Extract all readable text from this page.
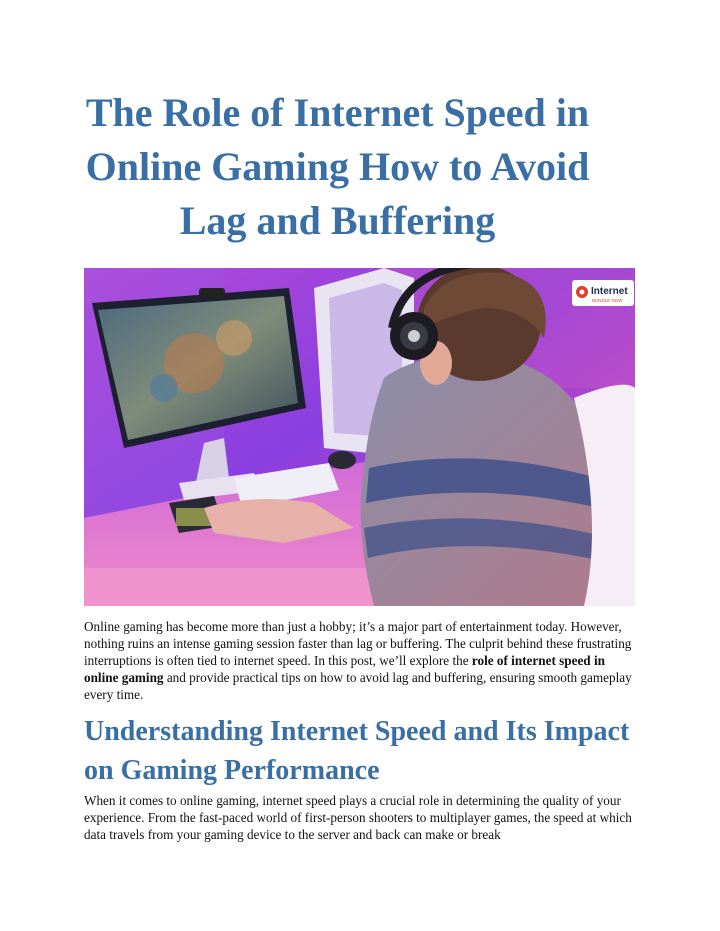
The Role of Internet Speed in Online Gaming How to Avoid Lag and Buffering
Internet
BUNDLE NOW

Online gaming has become more than just a hobby; it’s a major part of entertainment today. However, nothing ruins an intense gaming session faster than lag or buffering. The culprit behind these frustrating interruptions is often tied to internet speed. In this post, we’ll explore the role of internet speed in online gaming and provide practical tips on how to avoid lag and buffering, ensuring smooth gameplay every time.

Understanding Internet Speed and Its Impact on Gaming Performance

When it comes to online gaming, internet speed plays a crucial role in determining the quality of your experience. From the fast-paced world of first-person shooters to multiplayer games, the speed at which data travels from your gaming device to the server and back can make or break
